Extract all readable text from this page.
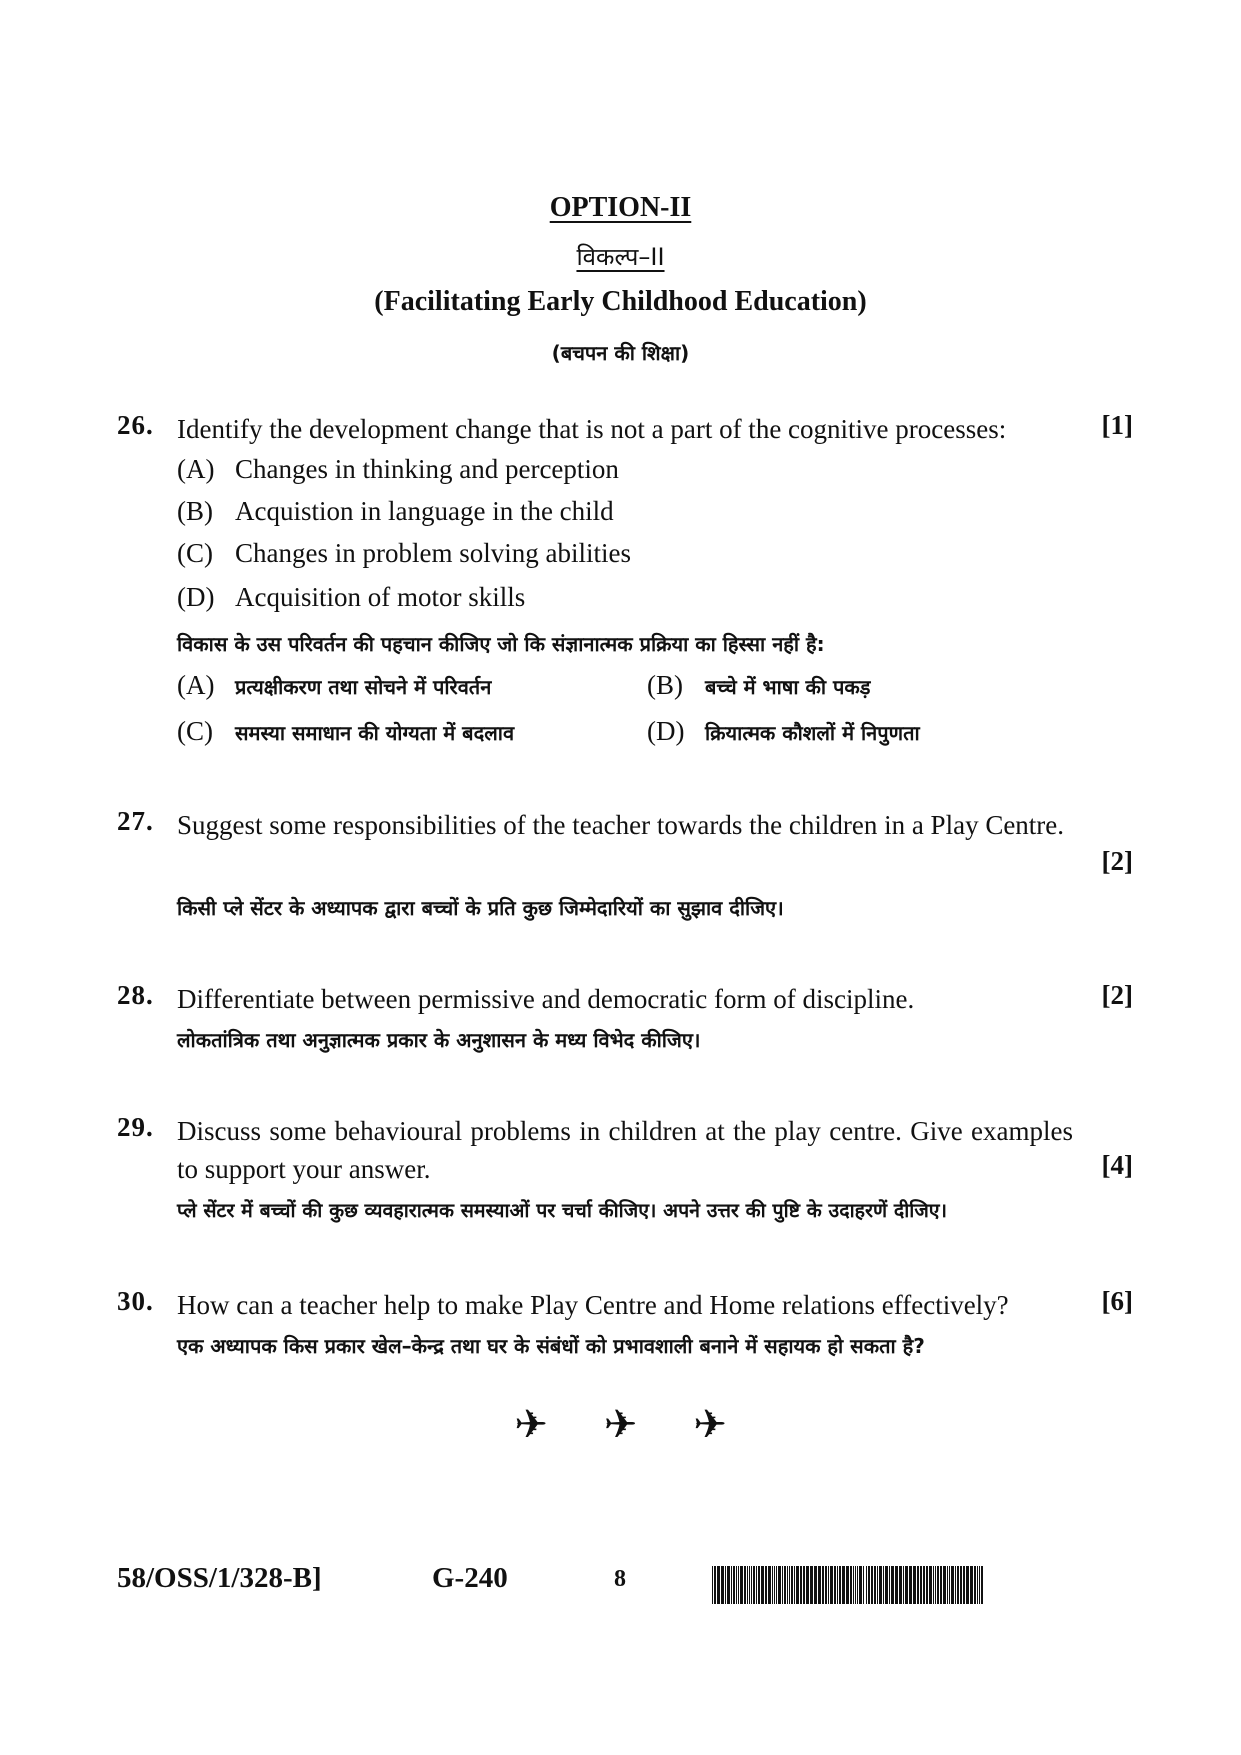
OPTION-II
विकल्प–II
(Facilitating Early Childhood Education)
(बचपन की शिक्षा)
26. Identify the development change that is not a part of the cognitive processes:	[1]
(A) Changes in thinking and perception
(B) Acquistion in language in the child
(C) Changes in problem solving abilities
(D) Acquisition of motor skills
विकास के उस परिवर्तन की पहचान कीजिए जो कि संज्ञानात्मक प्रक्रिया का हिस्सा नहीं है:
(A) प्रत्यक्षीकरण तथा सोचने में परिवर्तन	(B) बच्चे में भाषा की पकड़
(C) समस्या समाधान की योग्यता में बदलाव	(D) क्रियात्मक कौशलों में निपुणता
27. Suggest some responsibilities of the teacher towards the children in a Play Centre.
[2]
किसी प्ले सेंटर के अध्यापक द्वारा बच्चों के प्रति कुछ जिम्मेदारियों का सुझाव दीजिए।
28. Differentiate between permissive and democratic form of discipline.	[2]
लोकतांत्रिक तथा अनुज्ञात्मक प्रकार के अनुशासन के मध्य विभेद कीजिए।
29. Discuss some behavioural problems in children at the play centre. Give examples to support your answer.	[4]
प्ले सेंटर में बच्चों की कुछ व्यवहारात्मक समस्याओं पर चर्चा कीजिए। अपने उत्तर की पुष्टि के उदाहरणें दीजिए।
30. How can a teacher help to make Play Centre and Home relations effectively?	[6]
एक अध्यापक किस प्रकार खेल–केन्द्र तथा घर के संबंधों को प्रभावशाली बनाने में सहायक हो सकता है?
✈ ✈ ✈
58/OSS/1/328-B]	G-240	8
